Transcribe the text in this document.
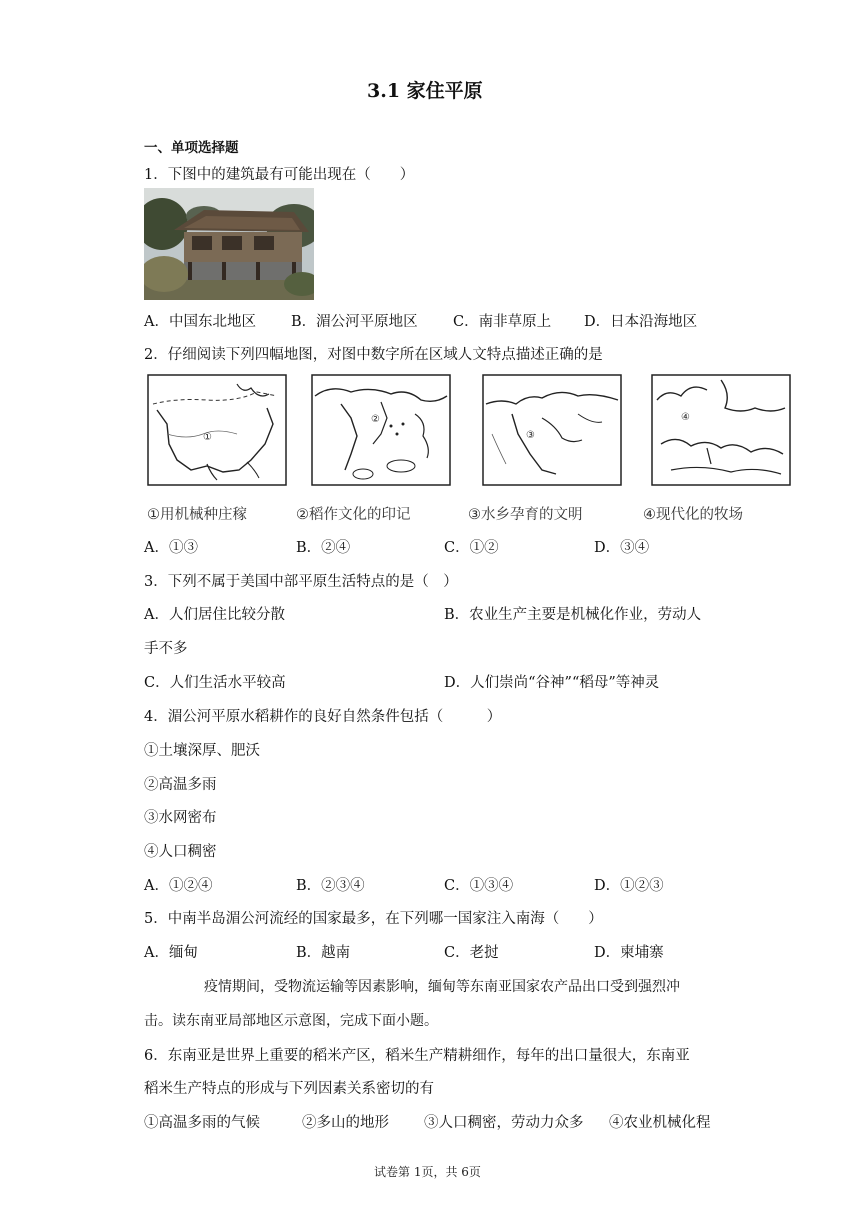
3.1 家住平原
一、单项选择题
1．下图中的建筑最有可能出现在（　　）
A．中国东北地区 B．湄公河平原地区 C．南非草原上 D．日本沿海地区
2．仔细阅读下列四幅地图，对图中数字所在区域人文特点描述正确的是
①
②
③
④
①用机械种庄稼	②稻作文化的印记	③水乡孕育的文明	④现代化的牧场
A．①③	B．②④	C．①②	D．③④
3．下列不属于美国中部平原生活特点的是（　）
A．人们居住比较分散	B．农业生产主要是机械化作业，劳动人
手不多
C．人们生活水平较高	D．人们崇尚“谷神”“稻母”等神灵
4．湄公河平原水稻耕作的良好自然条件包括（　　　）
①土壤深厚、肥沃
②高温多雨
③水网密布
④人口稠密
A．①②④	B．②③④	C．①③④	D．①②③
5．中南半岛湄公河流经的国家最多，在下列哪一国家注入南海（　　）
A．缅甸	B．越南	C．老挝	D．柬埔寨
疫情期间，受物流运输等因素影响，缅甸等东南亚国家农产品出口受到强烈冲
击。读东南亚局部地区示意图，完成下面小题。
6．东南亚是世界上重要的稻米产区，稻米生产精耕细作，每年的出口量很大，东南亚
稻米生产特点的形成与下列因素关系密切的有
①高温多雨的气候	②多山的地形 ③人口稠密，劳动力众多 ④农业机械化程
试卷第 1页，共 6页
